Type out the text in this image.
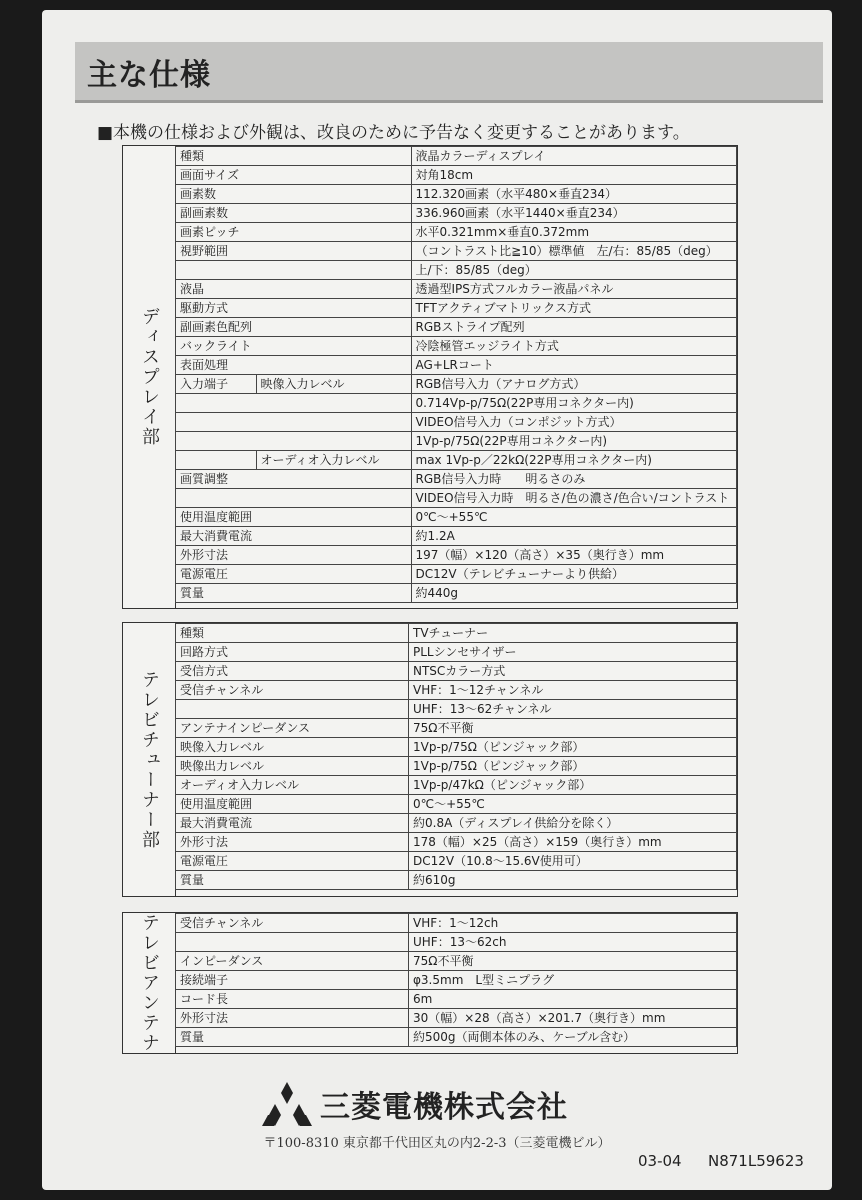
主な仕様
■本機の仕様および外観は、改良のために予告なく変更することがあります。
ディスプレイ部
種類		液晶カラーディスプレイ
画面サイズ		対角18cm
画素数		112.320画素（水平480×垂直234）
副画素数		336.960画素（水平1440×垂直234）
画素ピッチ		水平0.321mm×垂直0.372mm
視野範囲		（コントラスト比≧10）標準値　左/右：85/85（deg）
		上/下：85/85（deg）
液晶		透過型IPS方式フルカラー液晶パネル
駆動方式		TFTアクティブマトリックス方式
副画素色配列		RGBストライプ配列
バックライト		冷陰極管エッジライト方式
表面処理		AG+LRコート
入力端子	映像入力レベル	RGB信号入力（アナログ方式）
		0.714Vp-p/75Ω(22P専用コネクター内)
		VIDEO信号入力（コンポジット方式）
		1Vp-p/75Ω(22P専用コネクター内)
	オーディオ入力レベル	max 1Vp-p／22kΩ(22P専用コネクター内)
画質調整		RGB信号入力時　　明るさのみ
		VIDEO信号入力時　明るさ/色の濃さ/色合い/コントラスト
使用温度範囲		0℃～+55℃
最大消費電流		約1.2A
外形寸法		197（幅）×120（高さ）×35（奥行き）mm
電源電圧		DC12V（テレビチューナーより供給）
質量		約440g
テレビチューナー部
種類	TVチューナー
回路方式	PLLシンセサイザー
受信方式	NTSCカラー方式
受信チャンネル	VHF：1～12チャンネル
	UHF：13～62チャンネル
アンテナインピーダンス	75Ω不平衡
映像入力レベル	1Vp-p/75Ω（ピンジャック部）
映像出力レベル	1Vp-p/75Ω（ピンジャック部）
オーディオ入力レベル	1Vp-p/47kΩ（ピンジャック部）
使用温度範囲	0℃～+55℃
最大消費電流	約0.8A（ディスプレイ供給分を除く）
外形寸法	178（幅）×25（高さ）×159（奥行き）mm
電源電圧	DC12V（10.8～15.6V使用可）
質量	約610g
テレビアンテナ 受信チャンネル	VHF：1～12ch
	UHF：13～62ch
インピーダンス	75Ω不平衡
接続端子	φ3.5mm　L型ミニプラグ
コード長	6m
外形寸法	30（幅）×28（高さ）×201.7（奥行き）mm
質量	約500g（両側本体のみ、ケーブル含む）
三菱電機株式会社
〒100-8310 東京都千代田区丸の内2-2-3（三菱電機ビル）
03-04 N871L59623
